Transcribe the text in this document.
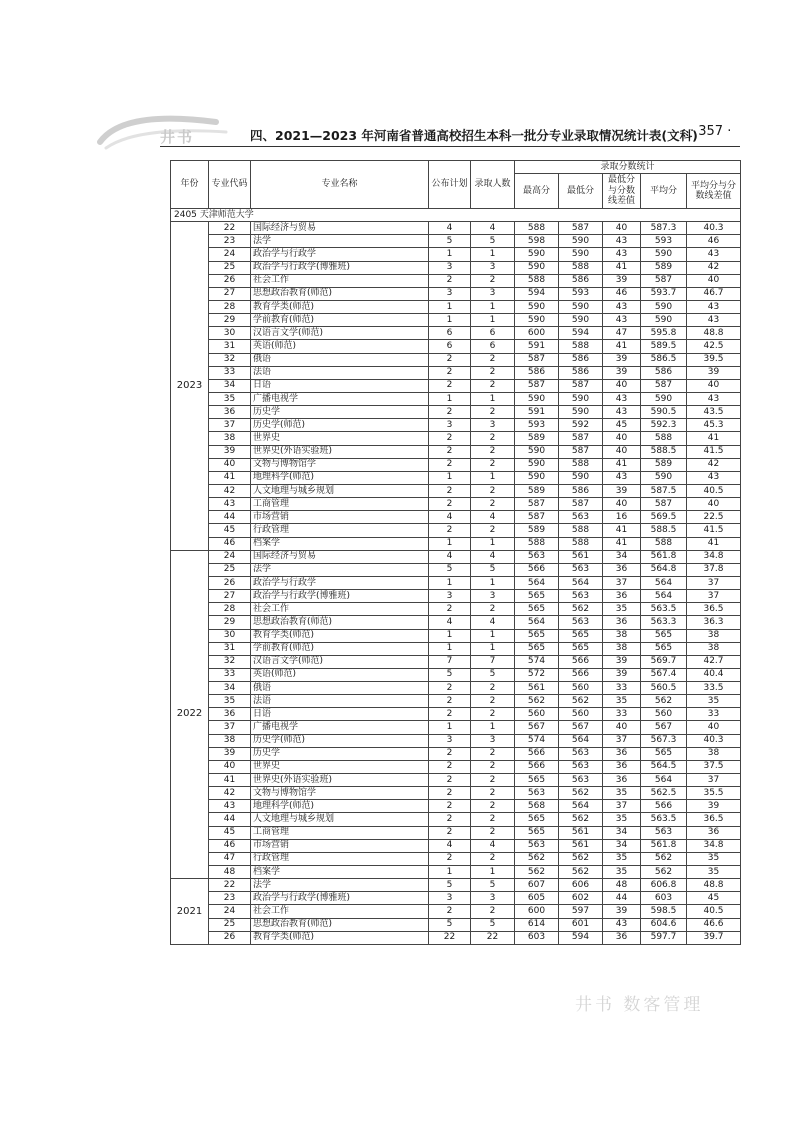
井书	四、2021—2023 年河南省普通高校招生本科一批分专业录取情况统计表(文科)
· 357 ·
年份	专业代码	专业名称	公布计划	录取人数	录取分数统计				
					最高分	最低分	最低分与分数线差值	平均分	平均分与分数线差值
2405 天津师范大学									
2023	22	国际经济与贸易	4	4	588	587	40	587.3	40.3
	23	法学	5	5	598	590	43	593	46
	24	政治学与行政学	1	1	590	590	43	590	43
	25	政治学与行政学(博雅班)	3	3	590	588	41	589	42
	26	社会工作	2	2	588	586	39	587	40
	27	思想政治教育(师范)	3	3	594	593	46	593.7	46.7
	28	教育学类(师范)	1	1	590	590	43	590	43
	29	学前教育(师范)	1	1	590	590	43	590	43
	30	汉语言文学(师范)	6	6	600	594	47	595.8	48.8
	31	英语(师范)	6	6	591	588	41	589.5	42.5
	32	俄语	2	2	587	586	39	586.5	39.5
	33	法语	2	2	586	586	39	586	39
	34	日语	2	2	587	587	40	587	40
	35	广播电视学	1	1	590	590	43	590	43
	36	历史学	2	2	591	590	43	590.5	43.5
	37	历史学(师范)	3	3	593	592	45	592.3	45.3
	38	世界史	2	2	589	587	40	588	41
	39	世界史(外语实验班)	2	2	590	587	40	588.5	41.5
	40	文物与博物馆学	2	2	590	588	41	589	42
	41	地理科学(师范)	1	1	590	590	43	590	43
	42	人文地理与城乡规划	2	2	589	586	39	587.5	40.5
	43	工商管理	2	2	587	587	40	587	40
	44	市场营销	4	4	587	563	16	569.5	22.5
	45	行政管理	2	2	589	588	41	588.5	41.5
	46	档案学	1	1	588	588	41	588	41
2022	24	国际经济与贸易	4	4	563	561	34	561.8	34.8
	25	法学	5	5	566	563	36	564.8	37.8
	26	政治学与行政学	1	1	564	564	37	564	37
	27	政治学与行政学(博雅班)	3	3	565	563	36	564	37
	28	社会工作	2	2	565	562	35	563.5	36.5
	29	思想政治教育(师范)	4	4	564	563	36	563.3	36.3
	30	教育学类(师范)	1	1	565	565	38	565	38
	31	学前教育(师范)	1	1	565	565	38	565	38
	32	汉语言文学(师范)	7	7	574	566	39	569.7	42.7
	33	英语(师范)	5	5	572	566	39	567.4	40.4
	34	俄语	2	2	561	560	33	560.5	33.5
	35	法语	2	2	562	562	35	562	35
	36	日语	2	2	560	560	33	560	33
	37	广播电视学	1	1	567	567	40	567	40
	38	历史学(师范)	3	3	574	564	37	567.3	40.3
	39	历史学	2	2	566	563	36	565	38
	40	世界史	2	2	566	563	36	564.5	37.5
	41	世界史(外语实验班)	2	2	565	563	36	564	37
	42	文物与博物馆学	2	2	563	562	35	562.5	35.5
	43	地理科学(师范)	2	2	568	564	37	566	39
	44	人文地理与城乡规划	2	2	565	562	35	563.5	36.5
	45	工商管理	2	2	565	561	34	563	36
	46	市场营销	4	4	563	561	34	561.8	34.8
	47	行政管理	2	2	562	562	35	562	35
	48	档案学	1	1	562	562	35	562	35
2021	22	法学	5	5	607	606	48	606.8	48.8
	23	政治学与行政学(博雅班)	3	3	605	602	44	603	45
	24	社会工作	2	2	600	597	39	598.5	40.5
	25	思想政治教育(师范)	5	5	614	601	43	604.6	46.6
	26	教育学类(师范)	22	22	603	594	36	597.7	39.7
井书 数客管理
